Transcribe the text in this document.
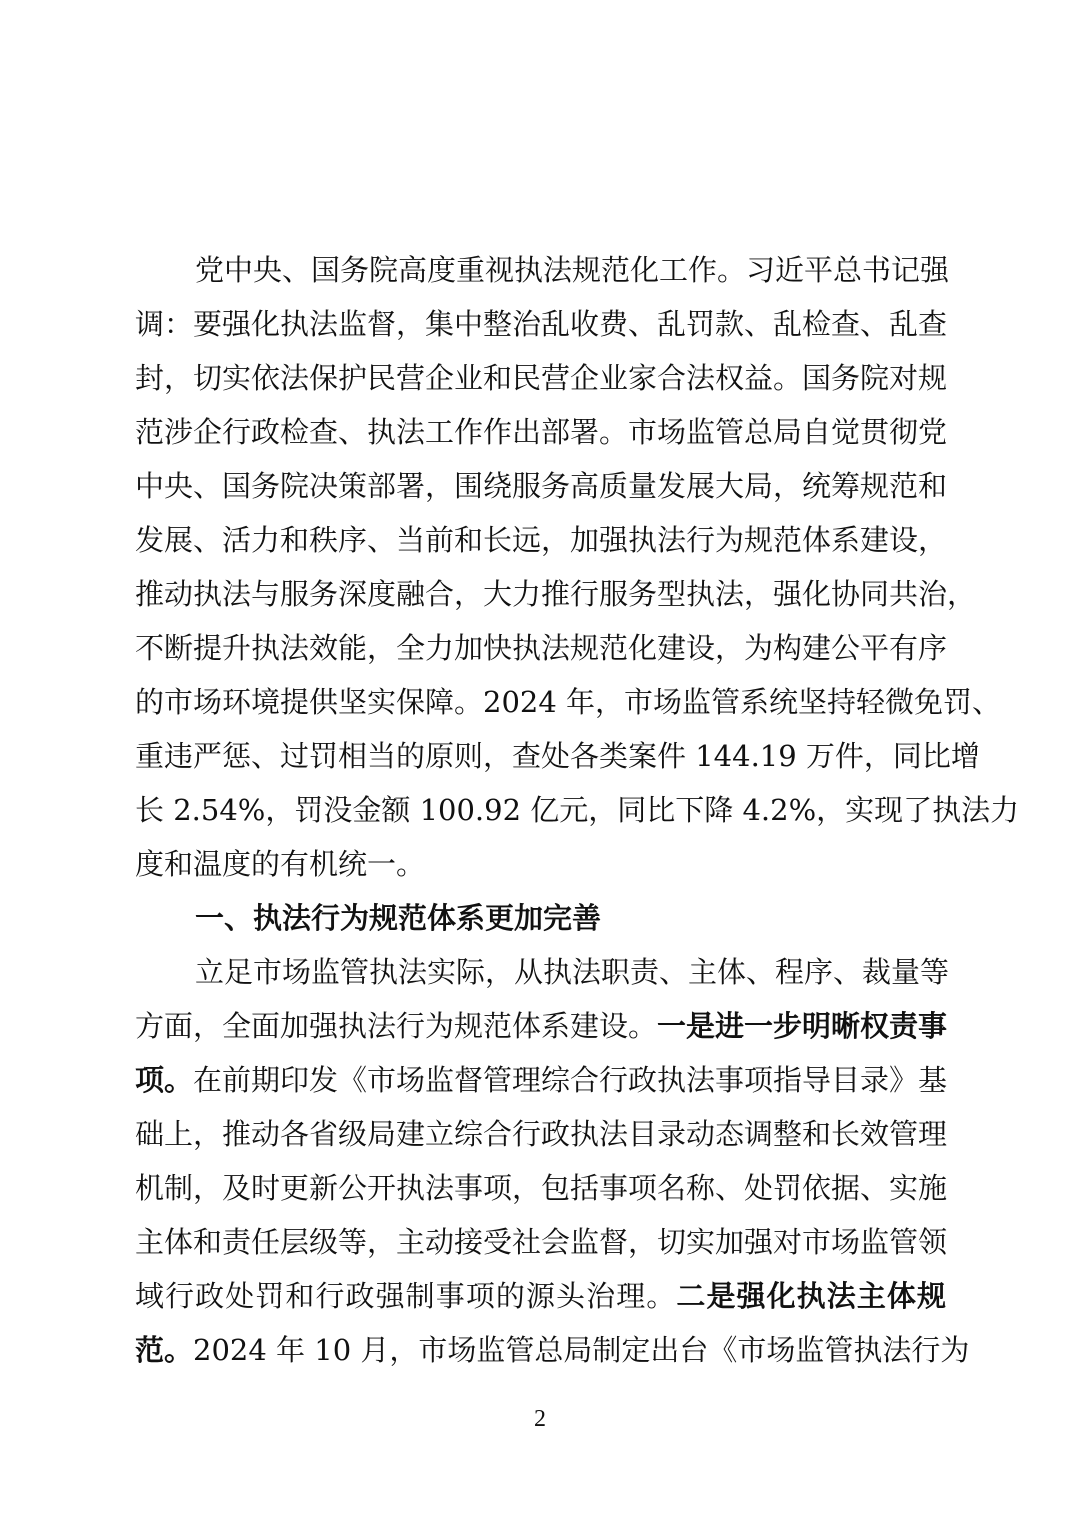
党中央、国务院高度重视执法规范化工作。习近平总书记强
调：要强化执法监督，集中整治乱收费、乱罚款、乱检查、乱查
封，切实依法保护民营企业和民营企业家合法权益。国务院对规
范涉企行政检查、执法工作作出部署。市场监管总局自觉贯彻党
中央、国务院决策部署，围绕服务高质量发展大局，统筹规范和
发展、活力和秩序、当前和长远，加强执法行为规范体系建设，
推动执法与服务深度融合，大力推行服务型执法，强化协同共治，
不断提升执法效能，全力加快执法规范化建设，为构建公平有序
的市场环境提供坚实保障。2024 年，市场监管系统坚持轻微免罚、
重违严惩、过罚相当的原则，查处各类案件 144.19 万件，同比增
长 2.54%，罚没金额 100.92 亿元，同比下降 4.2%，实现了执法力
度和温度的有机统一。
一、执法行为规范体系更加完善
立足市场监管执法实际，从执法职责、主体、程序、裁量等
方面，全面加强执法行为规范体系建设。一是进一步明晰权责事
项。在前期印发《市场监督管理综合行政执法事项指导目录》基
础上，推动各省级局建立综合行政执法目录动态调整和长效管理
机制，及时更新公开执法事项，包括事项名称、处罚依据、实施
主体和责任层级等，主动接受社会监督，切实加强对市场监管领
域行政处罚和行政强制事项的源头治理。二是强化执法主体规
范。2024 年 10 月，市场监管总局制定出台《市场监管执法行为
2
